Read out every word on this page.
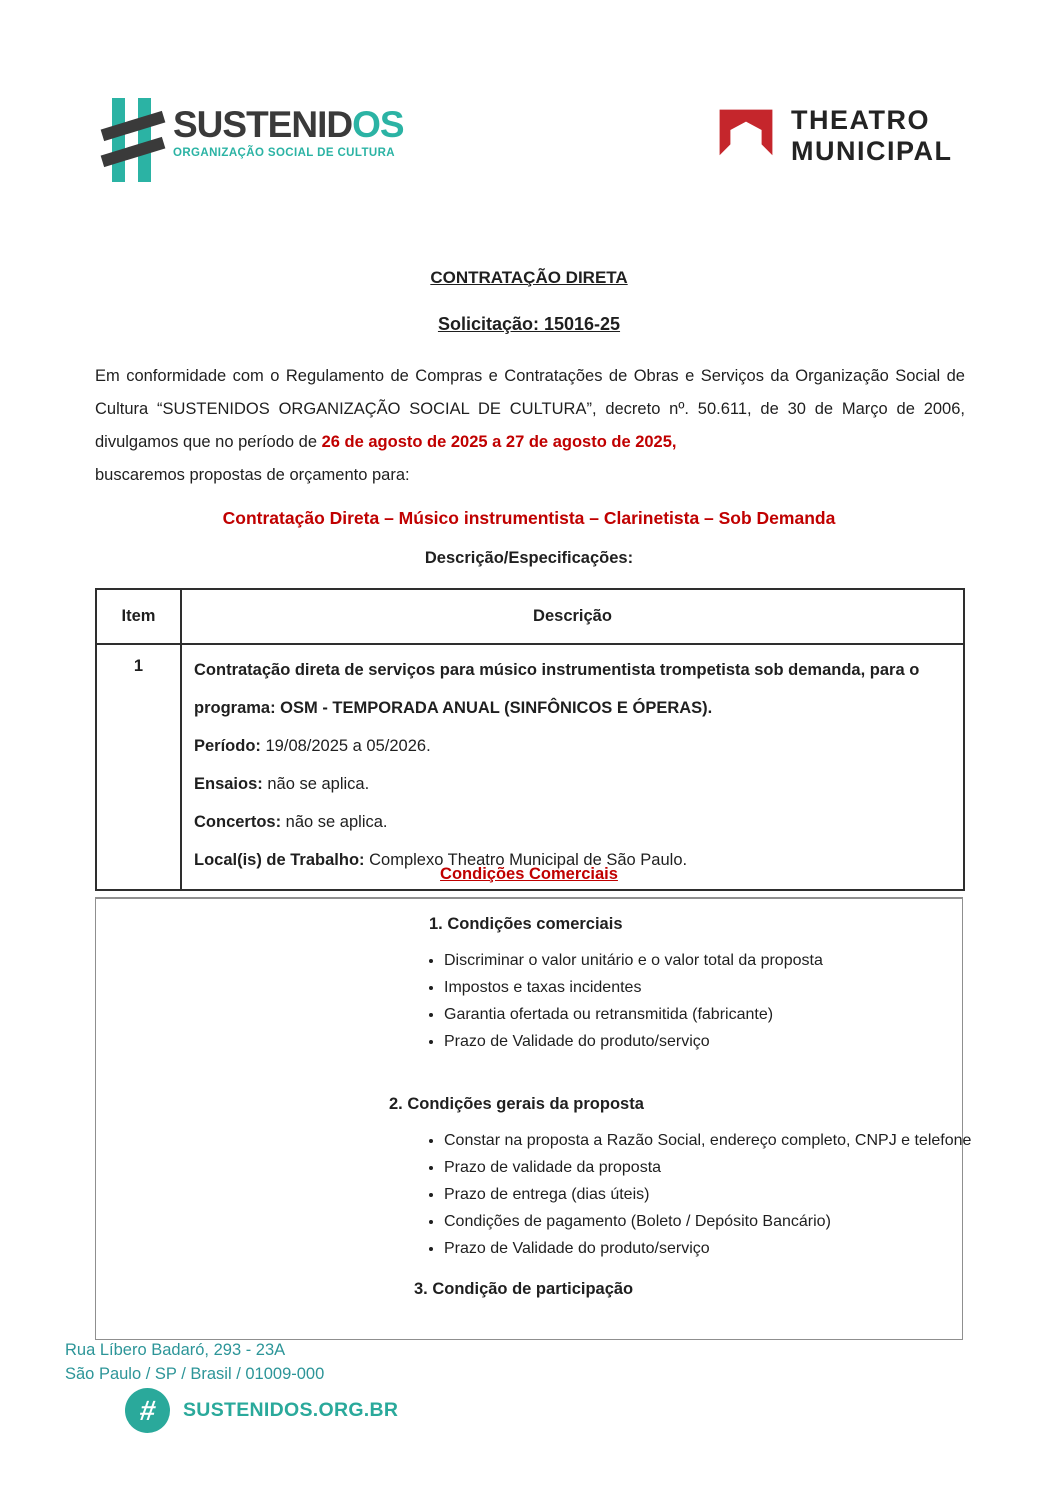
SUSTENIDOS
ORGANIZAÇÃO SOCIAL DE CULTURA
THEATRO
MUNICIPAL
CONTRATAÇÃO DIRETA
Solicitação: 15016-25
Em conformidade com o Regulamento de Compras e Contratações de Obras e Serviços da Organização Social de Cultura “SUSTENIDOS ORGANIZAÇÃO SOCIAL DE CULTURA”, decreto nº. 50.611, de 30 de Março de 2006, divulgamos que no período de 26 de agosto de 2025 a 27 de agosto de 2025,
buscaremos propostas de orçamento para:
Contratação Direta – Músico instrumentista – Clarinetista – Sob Demanda
Descrição/Especificações:
Item	Descrição
1	Contratação direta de serviços para músico instrumentista trompetista sob demanda, para o programa: OSM - TEMPORADA ANUAL (SINFÔNICOS E ÓPERAS).
Período: 19/08/2025 a 05/2026.
Ensaios: não se aplica.
Concertos: não se aplica.
Local(is) de Trabalho: Complexo Theatro Municipal de São Paulo.
Condições Comerciais
1. Condições comerciais
• Discriminar o valor unitário e o valor total da proposta
• Impostos e taxas incidentes
• Garantia ofertada ou retransmitida (fabricante)
• Prazo de Validade do produto/serviço
2. Condições gerais da proposta
• Constar na proposta a Razão Social, endereço completo, CNPJ e telefone
• Prazo de validade da proposta
• Prazo de entrega (dias úteis)
• Condições de pagamento (Boleto / Depósito Bancário)
• Prazo de Validade do produto/serviço
3. Condição de participação
Rua Líbero Badaró, 293 - 23A
São Paulo / SP / Brasil / 01009-000
# SUSTENIDOS.ORG.BR
